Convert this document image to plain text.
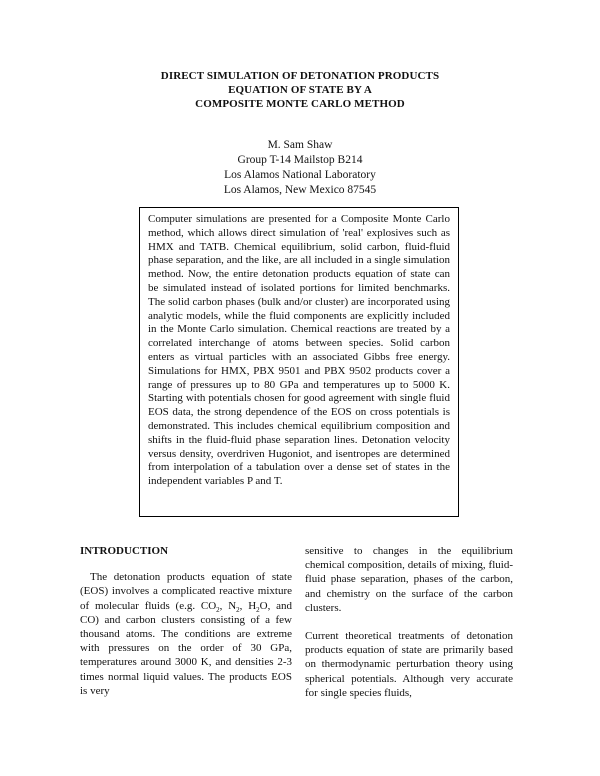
DIRECT SIMULATION OF DETONATION PRODUCTS
EQUATION OF STATE BY A
COMPOSITE MONTE CARLO METHOD
M. Sam Shaw
Group T-14 Mailstop B214
Los Alamos National Laboratory
Los Alamos, New Mexico 87545

Computer simulations are presented for a Composite Monte Carlo method, which allows direct simulation of 'real' explosives such as HMX and TATB. Chemical equilibrium, solid carbon, fluid-fluid phase separation, and the like, are all included in a single simulation method. Now, the entire detonation products equation of state can be simulated instead of isolated portions for limited benchmarks. The solid carbon phases (bulk and/or cluster) are incorporated using analytic models, while the fluid components are explicitly included in the Monte Carlo simulation. Chemical reactions are treated by a correlated interchange of atoms between species. Solid carbon enters as virtual particles with an associated Gibbs free energy. Simulations for HMX, PBX 9501 and PBX 9502 products cover a range of pressures up to 80 GPa and temperatures up to 5000 K. Starting with potentials chosen for good agreement with single fluid EOS data, the strong dependence of the EOS on cross potentials is demonstrated. This includes chemical equilibrium composition and shifts in the fluid-fluid phase separation lines. Detonation velocity versus density, overdriven Hugoniot, and isentropes are determined from interpolation of a tabulation over a dense set of states in the independent variables P and T.

INTRODUCTION

The detonation products equation of state (EOS) involves a complicated reactive mixture of molecular fluids (e.g. $CO_2$, $N_2$, $H_2O$, and CO) and carbon clusters consisting of a few thousand atoms. The conditions are extreme with pressures on the order of 30 GPa, temperatures around 3000 K, and densities 2-3 times normal liquid values. The products EOS is very

sensitive to changes in the equilibrium chemical composition, details of mixing, fluid-fluid phase separation, phases of the carbon, and chemistry on the surface of the carbon clusters.

Current theoretical treatments of detonation products equation of state are primarily based on thermodynamic perturbation theory using spherical potentials. Although very accurate for single species fluids,
